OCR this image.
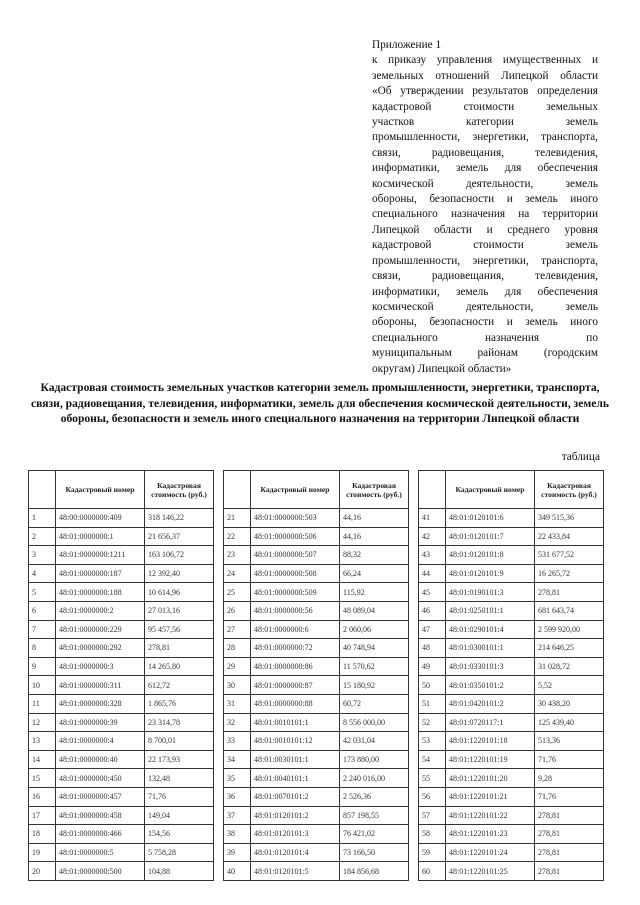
Приложение 1
к приказу управления имущественных и
земельных отношений Липецкой области
«Об утверждении результатов определения
кадастровой стоимости земельных
участков категории земель
промышленности, энергетики, транспорта,
связи, радиовещания, телевидения,
информатики, земель для обеспечения
космической деятельности, земель
обороны, безопасности и земель иного
специального назначения на территории
Липецкой области и среднего уровня
кадастровой стоимости земель
промышленности, энергетики, транспорта,
связи, радиовещания, телевидения,
информатики, земель для обеспечения
космической деятельности, земель
обороны, безопасности и земель иного
специального назначения по
муниципальным районам (городским
округам) Липецкой области»
Кадастровая стоимость земельных участков категории земель промышленности, энергетики, транспорта, связи, радиовещания, телевидения, информатики, земель для обеспечения космической деятельности, земель обороны, безопасности и земель иного специального назначения на территории Липецкой области
таблица
	Кадастровый номер	Кадастровая стоимость (руб.)
1	48:00:0000000:409	318 146,22
2	48:01:0000000:1	21 656,37
3	48:01:0000000:1211	163 106,72
4	48:01:0000000:187	12 392,40
5	48:01:0000000:188	10 614,96
6	48:01:0000000:2	27 013,16
7	48:01:0000000:229	95 457,56
8	48:01:0000000:292	278,81
9	48:01:0000000:3	14 265,80
10	48:01:0000000:311	612,72
11	48:01:0000000:328	1 865,76
12	48:01:0000000:39	23 314,78
13	48:01:0000000:4	8 700,01
14	48:01:0000000:40	22 173,93
15	48:01:0000000:450	132,48
16	48:01:0000000:457	71,76
17	48:01:0000000:458	149,04
18	48:01:0000000:466	154,56
19	48:01:0000000:5	5 758,28
20	48:01:0000000:500	104,88
	Кадастровый номер	Кадастровая стоимость (руб.)
21	48:01:0000000:503	44,16
22	48:01:0000000:506	44,16
23	48:01:0000000:507	88,32
24	48:01:0000000:508	66,24
25	48:01:0000000:509	115,92
26	48:01:0000000:56	48 089,04
27	48:01:0000000:6	2 060,06
28	48:01:0000000:72	40 748,94
29	48:01:0000000:86	11 570,62
30	48:01:0000000:87	15 180,92
31	48:01:0000000:88	60,72
32	48:01:0010101:1	8 556 000,00
33	48:01:0010101:12	42 031,04
34	48:01:0030101:1	173 880,00
35	48:01:0040101:1	2 240 016,00
36	48:01:0070101:2	2 526,36
37	48:01:0120101:2	857 198,55
38	48:01:0120101:3	76 421,02
39	48:01:0120101:4	73 166,50
40	48:01:0120101:5	184 856,68
	Кадастровый номер	Кадастровая стоимость (руб.)
41	48:01:0120101:6	349 515,36
42	48:01:0120101:7	22 433,84
43	48:01:0120101:8	531 677,52
44	48:01:0120101:9	16 265,72
45	48:01:0190101:3	278,81
46	48:01:0250101:1	681 643,74
47	48:01:0290101:4	2 599 920,00
48	48:01:0300101:1	214 646,25
49	48:01:0330101:3	31 028,72
50	48:01:0350101:2	5,52
51	48:01:0420101:2	30 438,20
52	48:01:0720117:1	125 439,40
53	48:01:1220101:18	513,36
54	48:01:1220101:19	71,76
55	48:01:1220101:20	9,28
56	48:01:1220101:21	71,76
57	48:01:1220101:22	278,81
58	48:01:1220101:23	278,81
59	48:01:1220101:24	278,81
60	48:01:1220101:25	278,81
